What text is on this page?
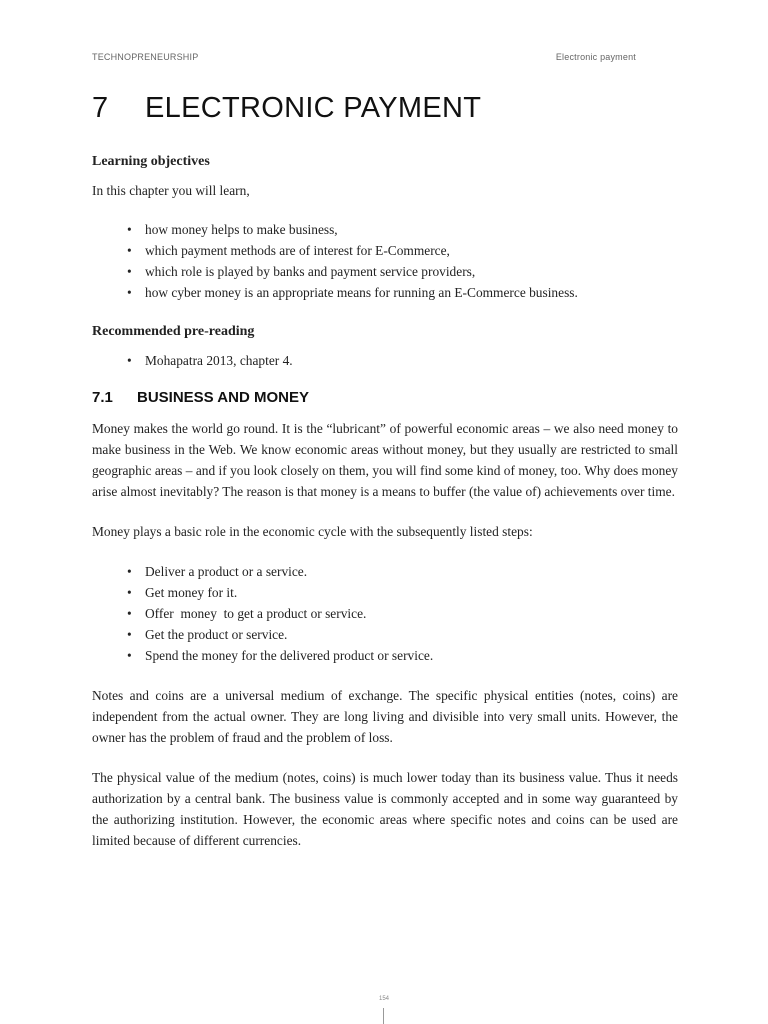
TECHNOPRENEURSHIP	Electronic payment
7 ELECTRONIC PAYMENT
Learning objectives

In this chapter you will learn,

• how money helps to make business,
• which payment methods are of interest for E-Commerce,
• which role is played by banks and payment service providers,
• how cyber money is an appropriate means for running an E-Commerce business.
Recommended pre-reading
• Mohapatra 2013, chapter 4.
7.1 BUSINESS AND MONEY

Money makes the world go round. It is the “lubricant” of powerful economic areas – we also need money to make business in the Web. We know economic areas without money, but they usually are restricted to small geographic areas – and if you look closely on them, you will find some kind of money, too. Why does money arise almost inevitably? The reason is that money is a means to buffer (the value of) achievements over time.

Money plays a basic role in the economic cycle with the subsequently listed steps:

• Deliver a product or a service.
• Get money for it.
• Offer  money  to get a product or service.
• Get the product or service.
• Spend the money for the delivered product or service.

Notes and coins are a universal medium of exchange. The specific physical entities (notes, coins) are independent from the actual owner. They are long living and divisible into very small units. However, the owner has the problem of fraud and the problem of loss.

The physical value of the medium (notes, coins) is much lower today than its business value. Thus it needs authorization by a central bank. The business value is commonly accepted and in some way guaranteed by the authorizing institution. However, the economic areas where specific notes and coins can be used are limited because of different currencies.

154
